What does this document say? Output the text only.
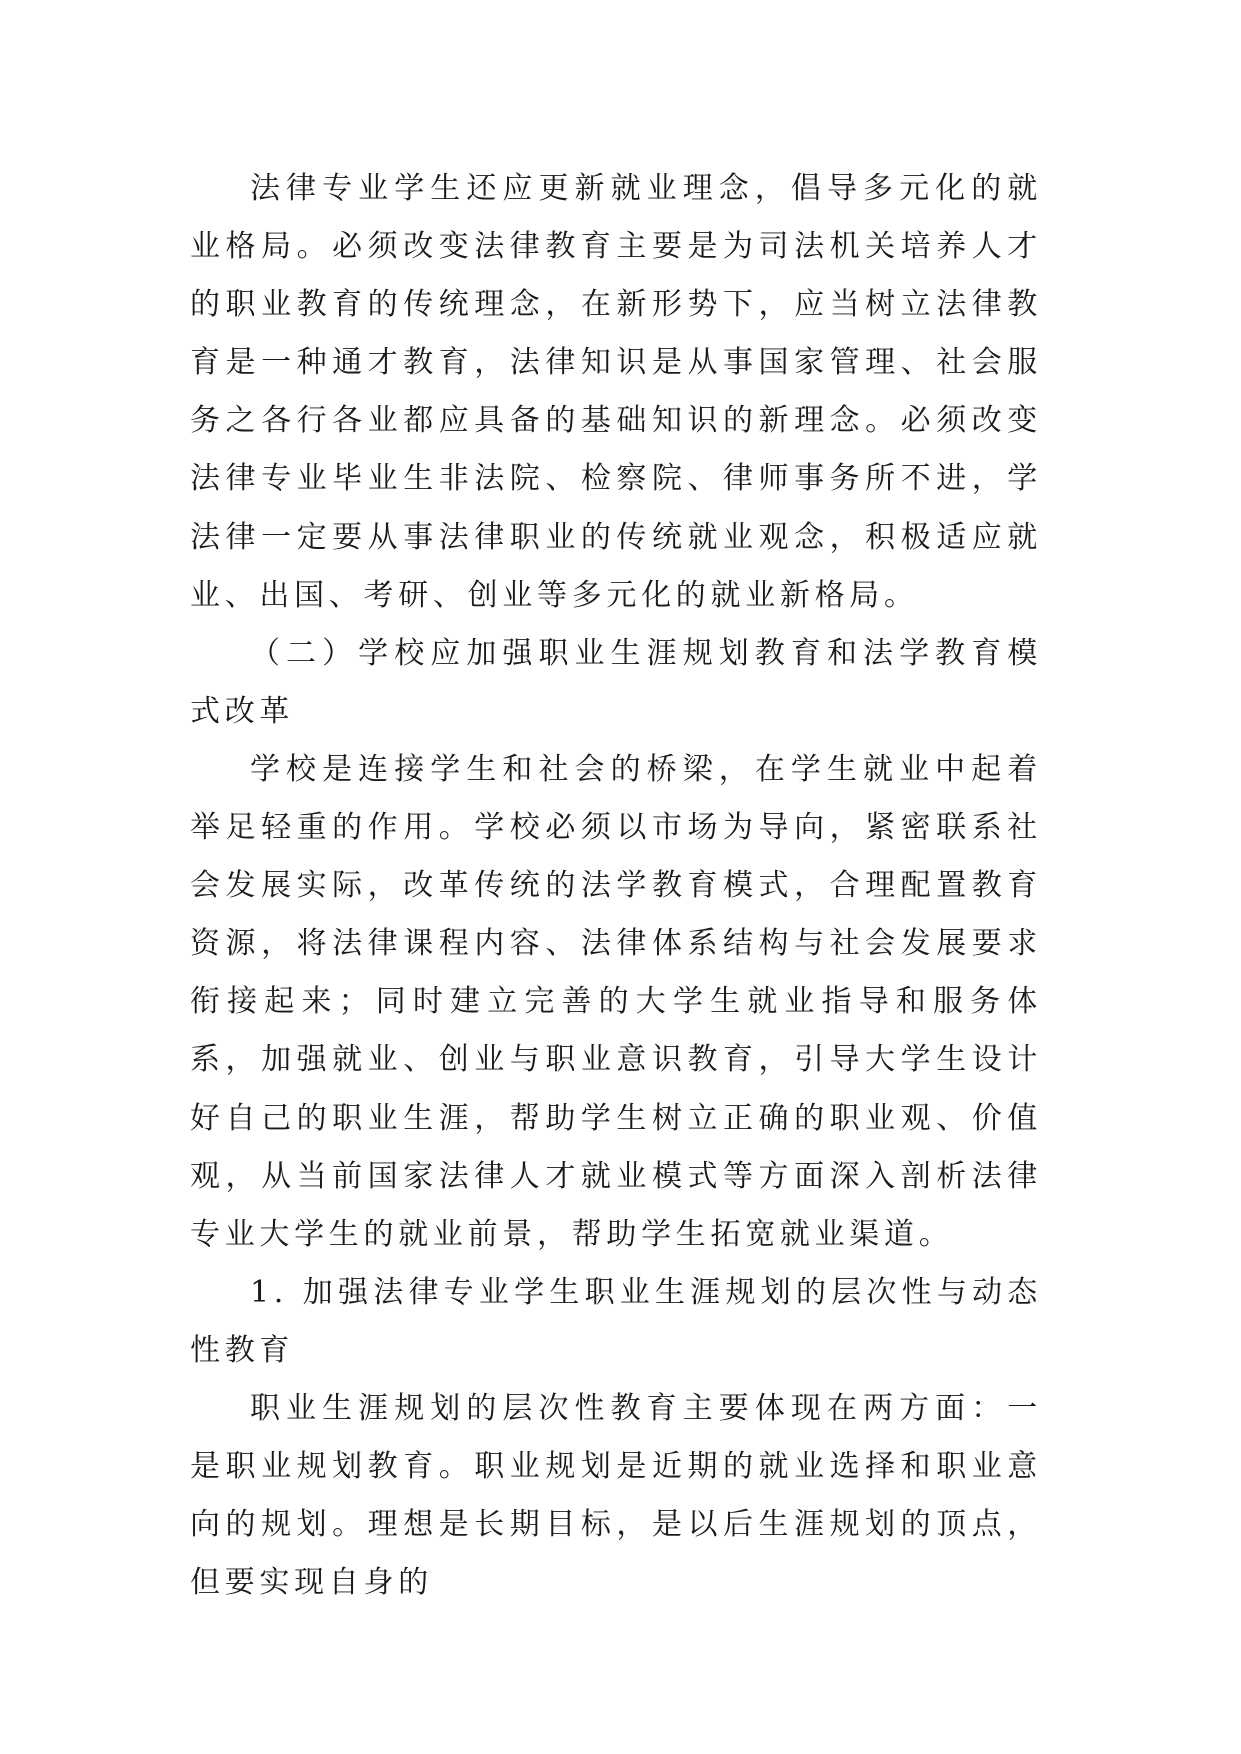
法律专业学生还应更新就业理念，倡导多元化的就业格局。必须改变法律教育主要是为司法机关培养人才的职业教育的传统理念，在新形势下，应当树立法律教育是一种通才教育，法律知识是从事国家管理、社会服务之各行各业都应具备的基础知识的新理念。必须改变法律专业毕业生非法院、检察院、律师事务所不进，学法律一定要从事法律职业的传统就业观念，积极适应就业、出国、考研、创业等多元化的就业新格局。

（二）学校应加强职业生涯规划教育和法学教育模式改革

学校是连接学生和社会的桥梁，在学生就业中起着举足轻重的作用。学校必须以市场为导向，紧密联系社会发展实际，改革传统的法学教育模式，合理配置教育资源，将法律课程内容、法律体系结构与社会发展要求衔接起来；同时建立完善的大学生就业指导和服务体系，加强就业、创业与职业意识教育，引导大学生设计好自己的职业生涯，帮助学生树立正确的职业观、价值观，从当前国家法律人才就业模式等方面深入剖析法律专业大学生的就业前景，帮助学生拓宽就业渠道。

1. 加强法律专业学生职业生涯规划的层次性与动态性教育

职业生涯规划的层次性教育主要体现在两方面：一是职业规划教育。职业规划是近期的就业选择和职业意向的规划。理想是长期目标，是以后生涯规划的顶点，但要实现自身的
